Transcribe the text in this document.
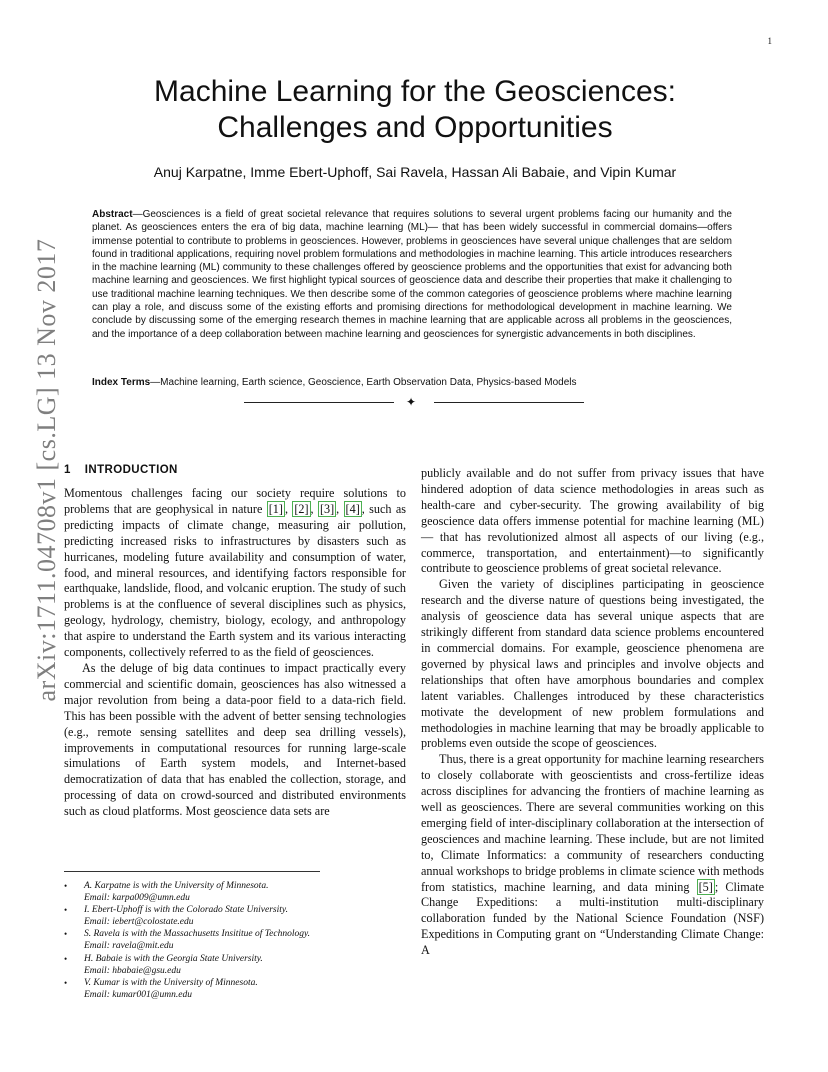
1
arXiv:1711.04708v1 [cs.LG] 13 Nov 2017
Machine Learning for the Geosciences:
Challenges and Opportunities
Anuj Karpatne, Imme Ebert-Uphoff, Sai Ravela, Hassan Ali Babaie, and Vipin Kumar
Abstract—Geosciences is a field of great societal relevance that requires solutions to several urgent problems facing our humanity and the planet. As geosciences enters the era of big data, machine learning (ML)— that has been widely successful in commercial domains—offers immense potential to contribute to problems in geosciences. However, problems in geosciences have several unique challenges that are seldom found in traditional applications, requiring novel problem formulations and methodologies in machine learning. This article introduces researchers in the machine learning (ML) community to these challenges offered by geoscience problems and the opportunities that exist for advancing both machine learning and geosciences. We first highlight typical sources of geoscience data and describe their properties that make it challenging to use traditional machine learning techniques. We then describe some of the common categories of geoscience problems where machine learning can play a role, and discuss some of the existing efforts and promising directions for methodological development in machine learning. We conclude by discussing some of the emerging research themes in machine learning that are applicable across all problems in the geosciences, and the importance of a deep collaboration between machine learning and geosciences for synergistic advancements in both disciplines.
Index Terms—Machine learning, Earth science, Geoscience, Earth Observation Data, Physics-based Models
✦
1 INTRODUCTION

Momentous challenges facing our society require solutions to problems that are geophysical in nature [1] , [2] , [3] , [4] , such as predicting impacts of climate change, measuring air pollution, predicting increased risks to infrastructures by disasters such as hurricanes, modeling future availability and consumption of water, food, and mineral resources, and identifying factors responsible for earthquake, landslide, flood, and volcanic eruption. The study of such problems is at the confluence of several disciplines such as physics, geology, hydrology, chemistry, biology, ecology, and anthropology that aspire to understand the Earth system and its various interacting components, collectively referred to as the field of geosciences.

As the deluge of big data continues to impact practically every commercial and scientific domain, geosciences has also witnessed a major revolution from being a data-poor field to a data-rich field. This has been possible with the advent of better sensing technologies (e.g., remote sensing satellites and deep sea drilling vessels), improvements in computational resources for running large-scale simulations of Earth system models, and Internet-based democratization of data that has enabled the collection, storage, and processing of data on crowd-sourced and distributed environments such as cloud platforms. Most geoscience data sets are

publicly available and do not suffer from privacy issues that have hindered adoption of data science methodologies in areas such as health-care and cyber-security. The growing availability of big geoscience data offers immense potential for machine learning (ML)— that has revolutionized almost all aspects of our living (e.g., commerce, transportation, and entertainment)—to significantly contribute to geoscience problems of great societal relevance.

Given the variety of disciplines participating in geoscience research and the diverse nature of questions being investigated, the analysis of geoscience data has several unique aspects that are strikingly different from standard data science problems encountered in commercial domains. For example, geoscience phenomena are governed by physical laws and principles and involve objects and relationships that often have amorphous boundaries and complex latent variables. Challenges introduced by these characteristics motivate the development of new problem formulations and methodologies in machine learning that may be broadly applicable to problems even outside the scope of geosciences.

Thus, there is a great opportunity for machine learning researchers to closely collaborate with geoscientists and cross-fertilize ideas across disciplines for advancing the frontiers of machine learning as well as geosciences. There are several communities working on this emerging field of inter-disciplinary collaboration at the intersection of geosciences and machine learning. These include, but are not limited to, Climate Informatics: a community of researchers conducting annual workshops to bridge problems in climate science with methods from statistics, machine learning, and data mining [5] ; Climate Change Expeditions: a multi-institution multi-disciplinary collaboration funded by the National Science Foundation (NSF) Expeditions in Computing grant on “Understanding Climate Change: A

• A. Karpatne is with the University of Minnesota.
Email: karpa009@umn.edu
• I. Ebert-Uphoff is with the Colorado State University.
Email: iebert@colostate.edu
• S. Ravela is with the Massachusetts Insititue of Technology.
Email: ravela@mit.edu
• H. Babaie is with the Georgia State University.
Email: hbabaie@gsu.edu
• V. Kumar is with the University of Minnesota.
Email: kumar001@umn.edu
